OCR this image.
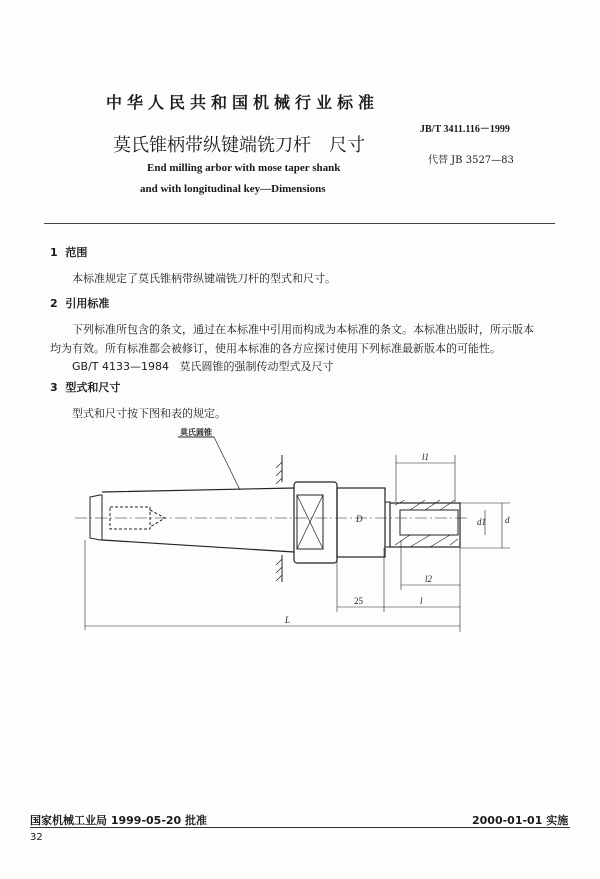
中华人民共和国机械行业标准
JB/T 3411.116－1999
代替 JB 3527—83
莫氏锥柄带纵键端铣刀杆　尺寸
End milling arbor with mose taper shank
and with longitudinal key—Dimensions
1 范围
本标准规定了莫氏锥柄带纵键端铣刀杆的型式和尺寸。
2 引用标准
下列标准所包含的条文，通过在本标准中引用而构成为本标准的条文。本标准出版时，所示版本
均为有效。所有标准都会被修订，使用本标准的各方应探讨使用下列标准最新版本的可能性。
GB/T 4133—1984 莫氏圆锥的强制传动型式及尺寸
3 型式和尺寸
型式和尺寸按下图和表的规定。
莫氏圆锥
l1
d
d1
D
l2
25	l
L
国家机械工业局 1999-05-20 批准	2000-01-01 实施
32
